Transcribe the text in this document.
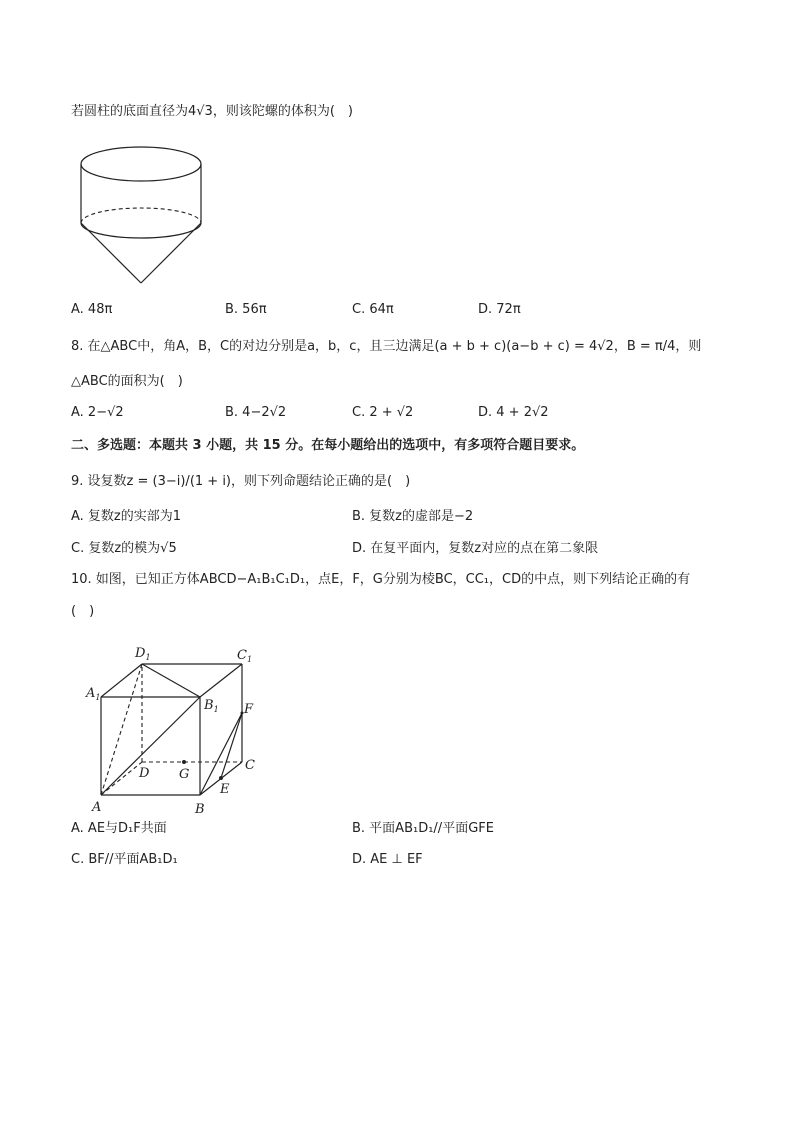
若圆柱的底面直径为4√3，则该陀螺的体积为(　)
A. 48π	B. 56π	C. 64π	D. 72π
8. 在△ABC中，角A，B，C的对边分别是a，b，c，且三边满足(a + b + c)(a−b + c) = 4√2，B = π/4，则
△ABC的面积为(　)
A. 2−√2	B. 4−2√2	C. 2 + √2	D. 4 + 2√2
二、多选题：本题共 3 小题，共 15 分。在每小题给出的选项中，有多项符合题目要求。
9. 设复数z = (3−i)/(1 + i)，则下列命题结论正确的是(　)
A. 复数z的实部为1	B. 复数z的虚部是−2
C. 复数z的模为√5	D. 在复平面内，复数z对应的点在第二象限
10. 如图，已知正方体ABCD−A₁B₁C₁D₁，点E，F，G分别为棱BC，CC₁，CD的中点，则下列结论正确的有
(　)
A	B
C
D
E
F
G
$A_1$
$B_1$
$C_1$
$D_1$
A. AE与D₁F共面	B. 平面AB₁D₁//平面GFE
C. BF//平面AB₁D₁	D. AE ⊥ EF
